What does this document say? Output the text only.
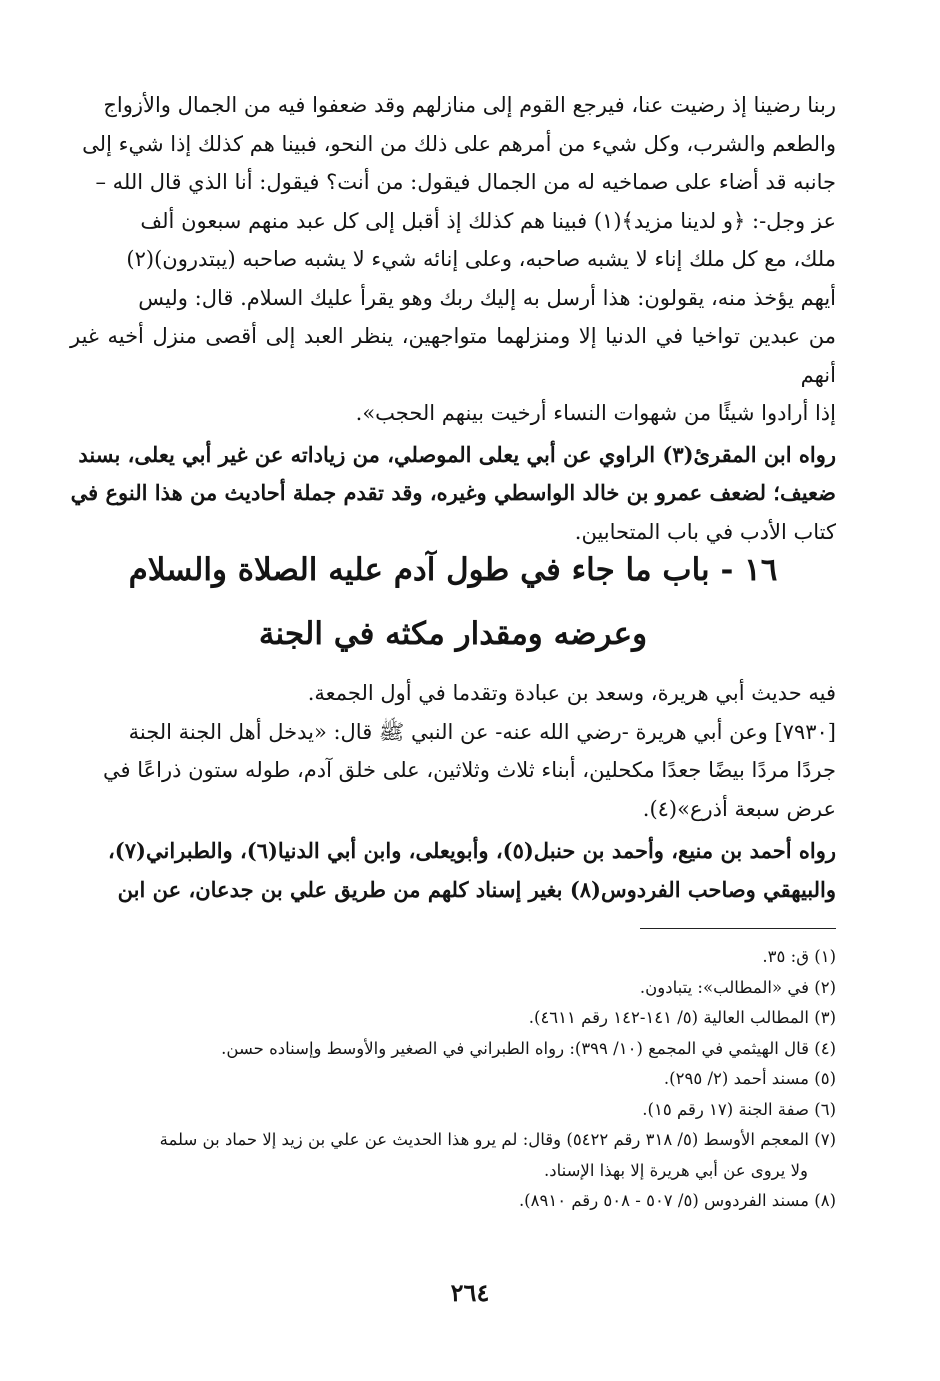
ربنا رضينا إذ رضيت عنا، فيرجع القوم إلى منازلهم وقد ضعفوا فيه من الجمال والأزواج
والطعم والشرب، وكل شيء من أمرهم على ذلك من النحو، فبينا هم كذلك إذا شيء إلى
جانبه قد أضاء على صماخيه له من الجمال فيقول: من أنت؟ فيقول: أنا الذي قال الله –
عز وجل-: ﴿و لدينا مزيد﴾(١) فبينا هم كذلك إذ أقبل إلى كل عبد منهم سبعون ألف
ملك، مع كل ملك إناء لا يشبه صاحبه، وعلى إنائه شيء لا يشبه صاحبه (يبتدرون)(٢)
أيهم يؤخذ منه، يقولون: هذا أرسل به إليك ربك وهو يقرأ عليك السلام. قال: وليس
من عبدين تواخيا في الدنيا إلا ومنزلهما متواجهين، ينظر العبد إلى أقصى منزل أخيه غير أنهم
إذا أرادوا شيئًا من شهوات النساء أرخيت بينهم الحجب».
رواه ابن المقرئ(٣) الراوي عن أبي يعلى الموصلي، من زياداته عن غير أبي يعلى، بسند
ضعيف؛ لضعف عمرو بن خالد الواسطي وغيره، وقد تقدم جملة أحاديث من هذا النوع في
كتاب الأدب في باب المتحابين.
١٦ - باب ما جاء في طول آدم عليه الصلاة والسلام
وعرضه ومقدار مكثه في الجنة
فيه حديث أبي هريرة، وسعد بن عبادة وتقدما في أول الجمعة.
[٧٩٣٠] وعن أبي هريرة -رضي الله عنه- عن النبي ﷺ قال: «يدخل أهل الجنة الجنة
جردًا مردًا بيضًا جعدًا مكحلين، أبناء ثلاث وثلاثين، على خلق آدم، طوله ستون ذراعًا في
عرض سبعة أذرع»(٤).
رواه أحمد بن منيع، وأحمد بن حنبل(٥)، وأبويعلى، وابن أبي الدنيا(٦)، والطبراني(٧)،
والبيهقي وصاحب الفردوس(٨) بغير إسناد كلهم من طريق علي بن جدعان، عن ابن
(١) ق: ٣٥.
(٢) في «المطالب»: يتبادون.
(٣) المطالب العالية (٥/ ١٤١-١٤٢ رقم ٤٦١١).
(٤) قال الهيثمي في المجمع (١٠/ ٣٩٩): رواه الطبراني في الصغير والأوسط وإسناده حسن.
(٥) مسند أحمد (٢/ ٢٩٥).
(٦) صفة الجنة (١٧ رقم ١٥).
(٧) المعجم الأوسط (٥/ ٣١٨ رقم ٥٤٢٢) وقال: لم يرو هذا الحديث عن علي بن زيد إلا حماد بن سلمة
ولا يروى عن أبي هريرة إلا بهذا الإسناد.
(٨) مسند الفردوس (٥/ ٥٠٧ - ٥٠٨ رقم ٨٩١٠).
٢٦٤
